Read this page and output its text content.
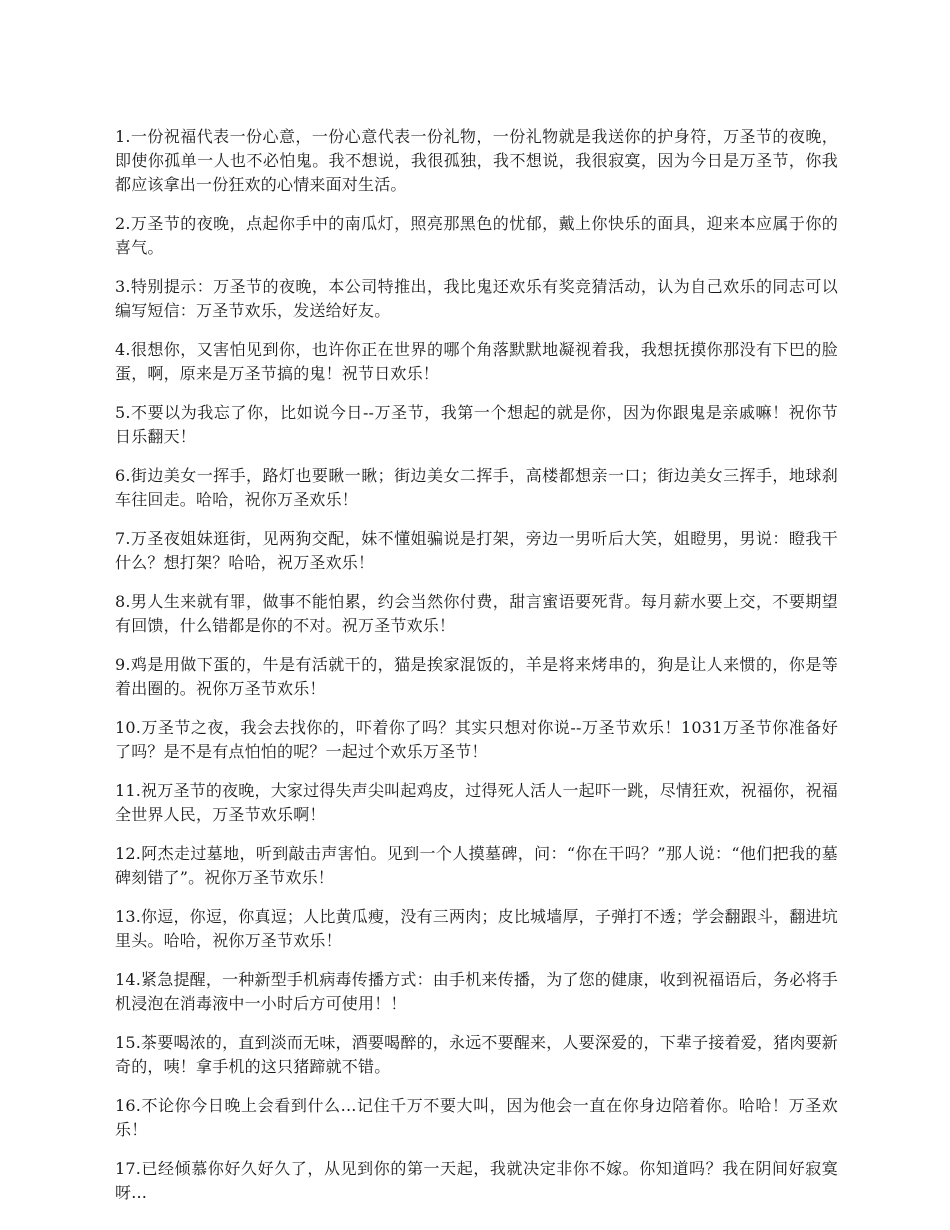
1.一份祝福代表一份心意，一份心意代表一份礼物，一份礼物就是我送你的护身符，万圣节的夜晚，即使你孤单一人也不必怕鬼。我不想说，我很孤独，我不想说，我很寂寞，因为今日是万圣节，你我都应该拿出一份狂欢的心情来面对生活。

2.万圣节的夜晚，点起你手中的南瓜灯，照亮那黑色的忧郁，戴上你快乐的面具，迎来本应属于你的喜气。

3.特别提示：万圣节的夜晚，本公司特推出，我比鬼还欢乐有奖竞猜活动，认为自己欢乐的同志可以编写短信：万圣节欢乐，发送给好友。

4.很想你，又害怕见到你，也许你正在世界的哪个角落默默地凝视着我，我想抚摸你那没有下巴的脸蛋，啊，原来是万圣节搞的鬼！祝节日欢乐！

5.不要以为我忘了你，比如说今日--万圣节，我第一个想起的就是你，因为你跟鬼是亲戚嘛！祝你节日乐翻天！

6.街边美女一挥手，路灯也要瞅一瞅；街边美女二挥手，高楼都想亲一口；街边美女三挥手，地球刹车往回走。哈哈，祝你万圣欢乐！

7.万圣夜姐妹逛街，见两狗交配，妹不懂姐骗说是打架，旁边一男听后大笑，姐瞪男，男说：瞪我干什么？想打架？哈哈，祝万圣欢乐！

8.男人生来就有罪，做事不能怕累，约会当然你付费，甜言蜜语要死背。每月薪水要上交，不要期望有回馈，什么错都是你的不对。祝万圣节欢乐！

9.鸡是用做下蛋的，牛是有活就干的，猫是挨家混饭的，羊是将来烤串的，狗是让人来惯的，你是等着出圈的。祝你万圣节欢乐！

10.万圣节之夜，我会去找你的，吓着你了吗？其实只想对你说--万圣节欢乐！1031万圣节你准备好了吗？是不是有点怕怕的呢？一起过个欢乐万圣节！

11.祝万圣节的夜晚，大家过得失声尖叫起鸡皮，过得死人活人一起吓一跳，尽情狂欢，祝福你，祝福全世界人民，万圣节欢乐啊！

12.阿杰走过墓地，听到敲击声害怕。见到一个人摸墓碑，问：“你在干吗？”那人说：“他们把我的墓碑刻错了”。祝你万圣节欢乐！

13.你逗，你逗，你真逗；人比黄瓜瘦，没有三两肉；皮比城墙厚，子弹打不透；学会翻跟斗，翻进坑里头。哈哈，祝你万圣节欢乐！

14.紧急提醒，一种新型手机病毒传播方式：由手机来传播，为了您的健康，收到祝福语后，务必将手机浸泡在消毒液中一小时后方可使用！！

15.茶要喝浓的，直到淡而无味，酒要喝醉的，永远不要醒来，人要深爱的，下辈子接着爱，猪肉要新奇的，咦！拿手机的这只猪蹄就不错。

16.不论你今日晚上会看到什么...记住千万不要大叫，因为他会一直在你身边陪着你。哈哈！万圣欢乐！

17.已经倾慕你好久好久了，从见到你的第一天起，我就决定非你不嫁。你知道吗？我在阴间好寂寞呀...
